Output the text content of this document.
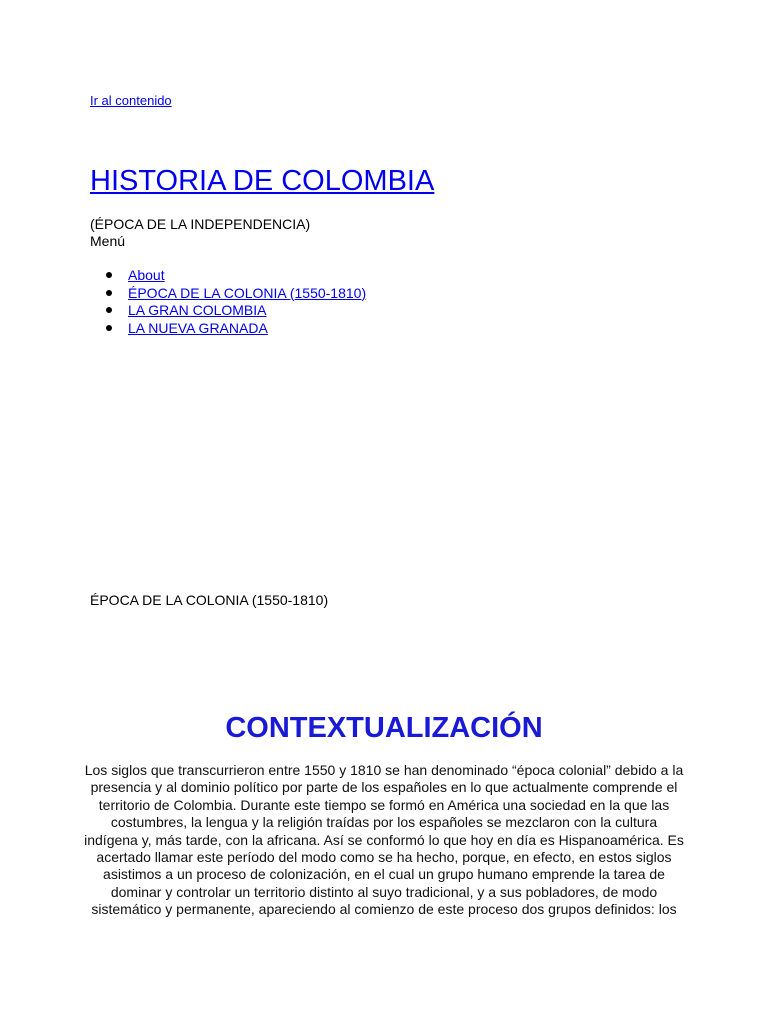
Ir al contenido
HISTORIA DE COLOMBIA
(ÉPOCA DE LA INDEPENDENCIA)
Menú
About
ÉPOCA DE LA COLONIA (1550-1810)
LA GRAN COLOMBIA
LA NUEVA GRANADA
ÉPOCA DE LA COLONIA (1550-1810)
CONTEXTUALIZACIÓN

Los siglos que transcurrieron entre 1550 y 1810 se han denominado “época colonial” debido a la presencia y al dominio político por parte de los españoles en lo que actualmente comprende el territorio de Colombia. Durante este tiempo se formó en América una sociedad en la que las costumbres, la lengua y la religión traídas por los españoles se mezclaron con la cultura indígena y, más tarde, con la africana. Así se conformó lo que hoy en día es Hispanoamérica. Es acertado llamar este período del modo como se ha hecho, porque, en efecto, en estos siglos asistimos a un proceso de colonización, en el cual un grupo humano emprende la tarea de dominar y controlar un territorio distinto al suyo tradicional, y a sus pobladores, de modo sistemático y permanente, apareciendo al comienzo de este proceso dos grupos definidos: los
